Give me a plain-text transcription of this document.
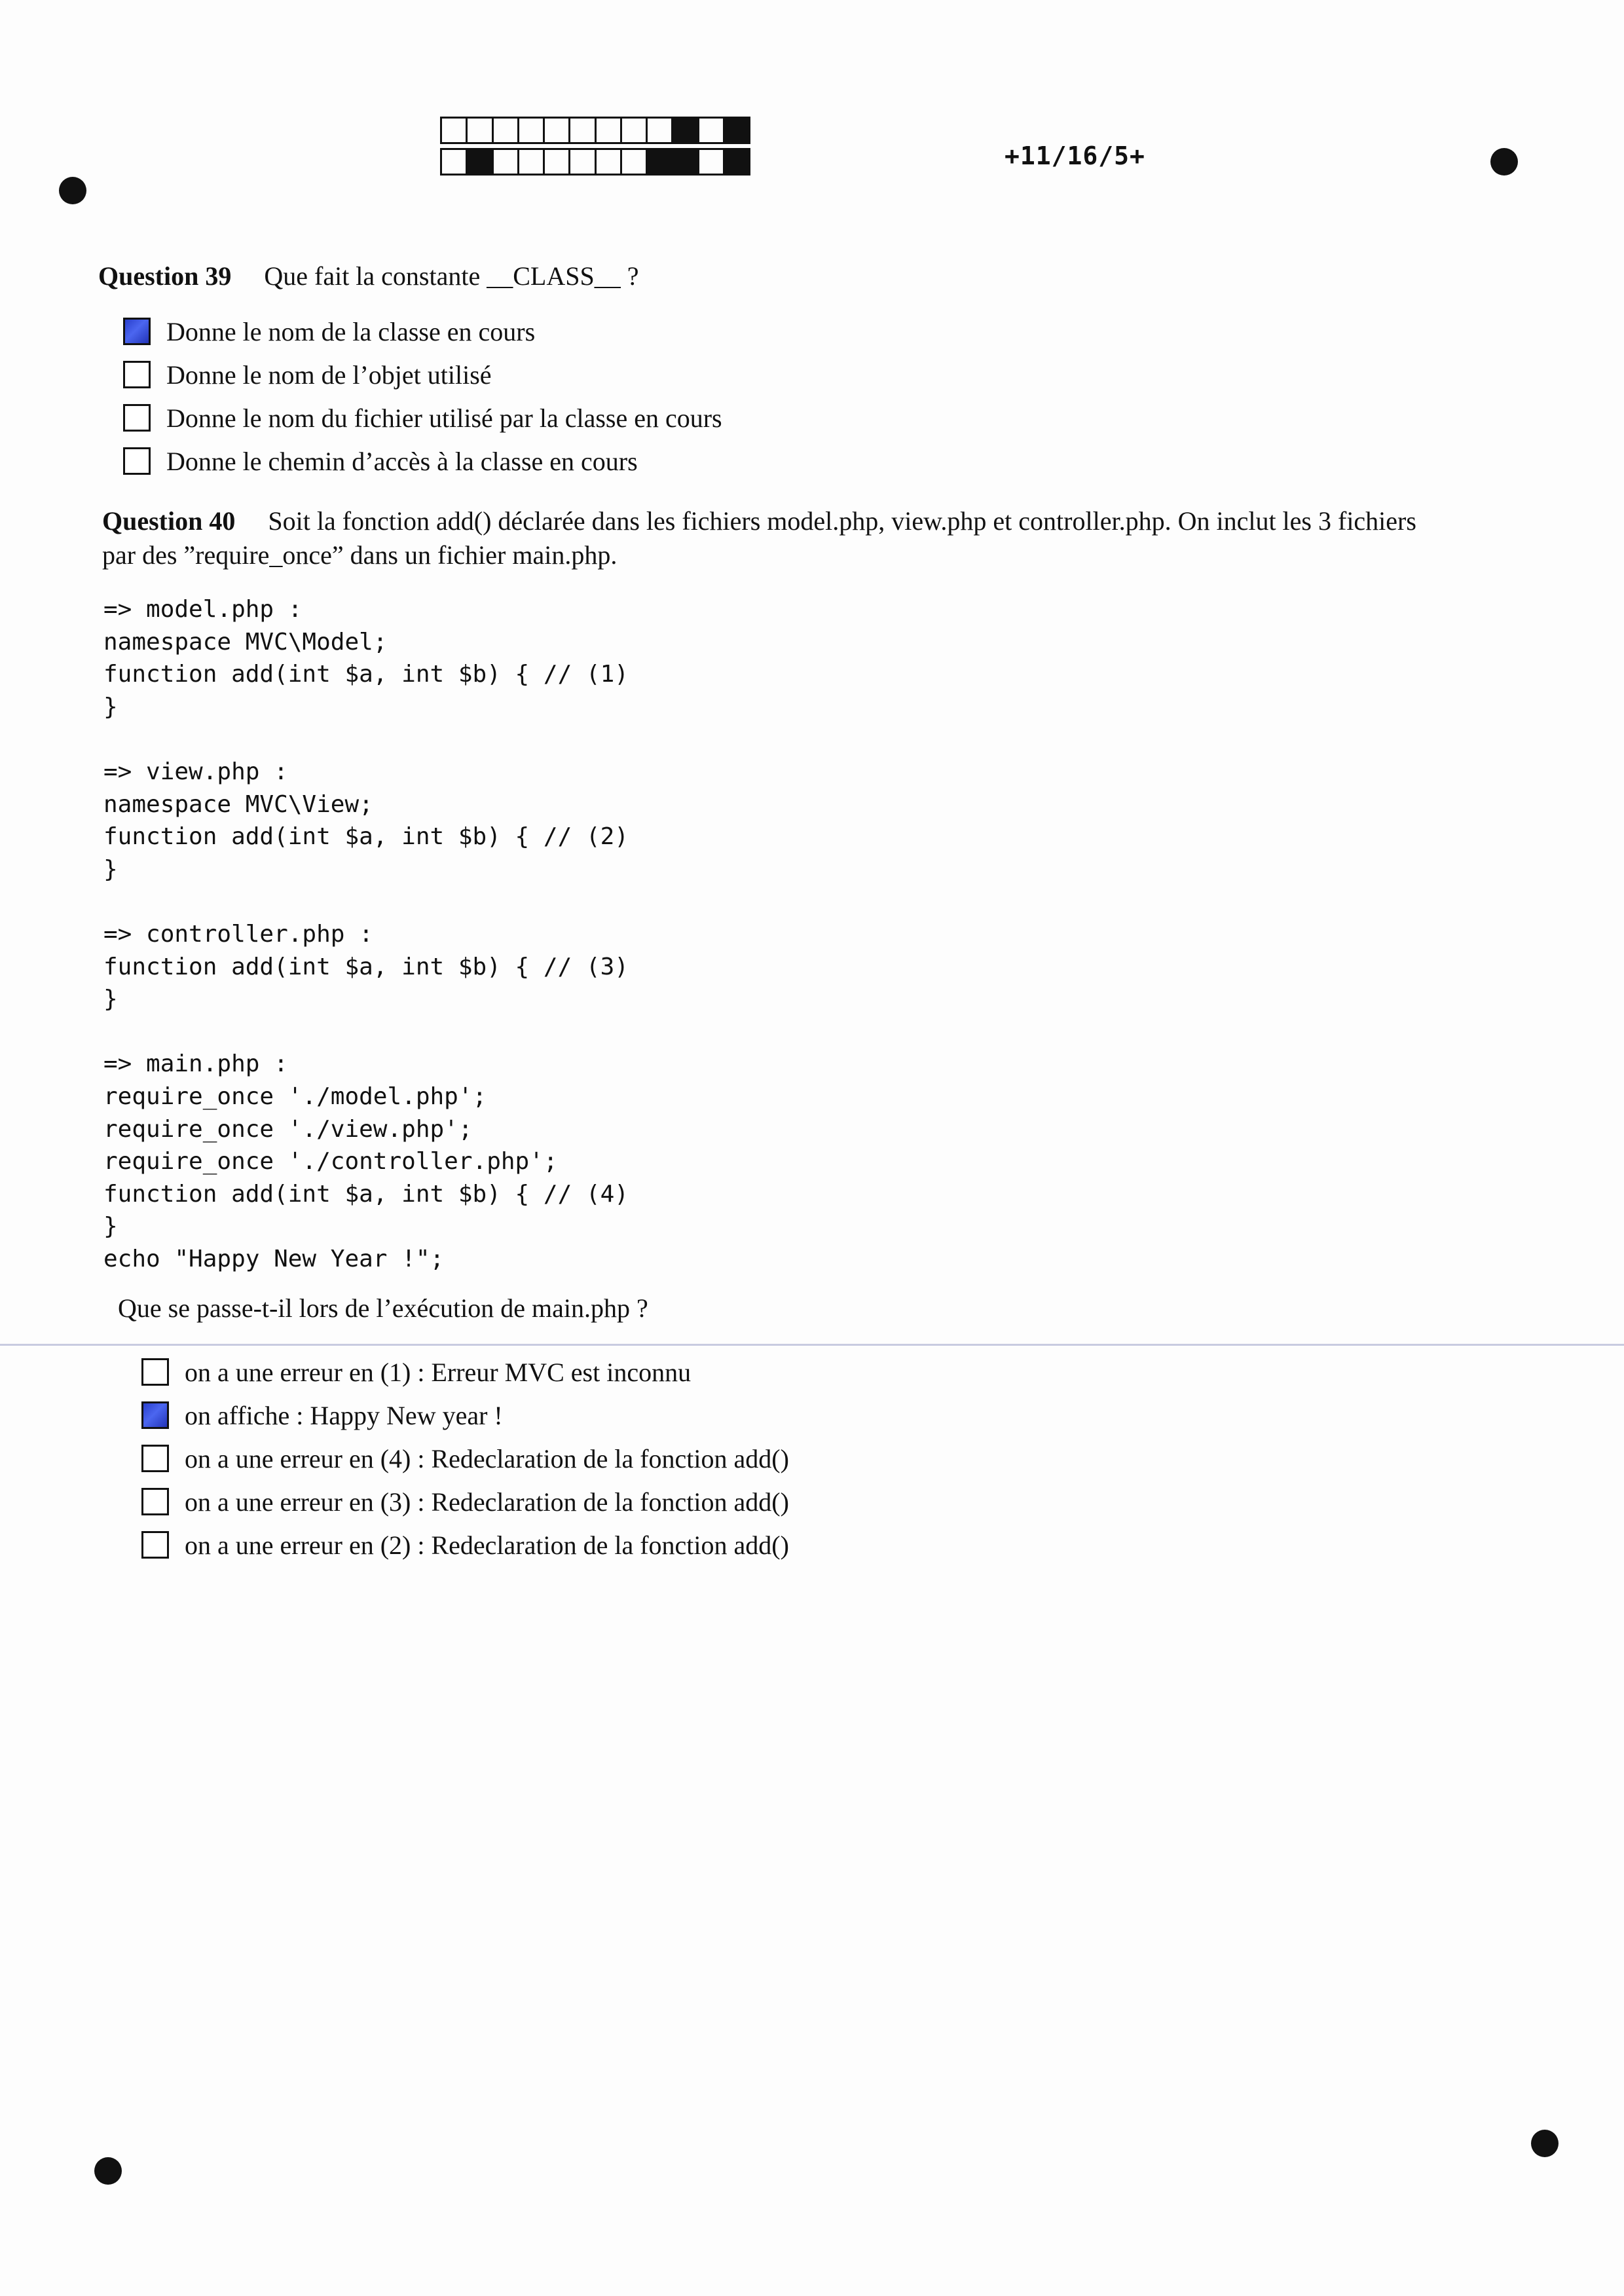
+11/16/5+
Question 39 Que fait la constante __CLASS__ ?
Donne le nom de la classe en cours
Donne le nom de l’objet utilisé
Donne le nom du fichier utilisé par la classe en cours
Donne le chemin d’accès à la classe en cours
Question 40 Soit la fonction add() déclarée dans les fichiers model.php, view.php et controller.php. On inclut les 3 fichiers
par des ”require_once” dans un fichier main.php.
=> model.php :
namespace MVC\Model;
function add(int $a, int $b) { // (1)
}

=> view.php :
namespace MVC\View;
function add(int $a, int $b) { // (2)
}

=> controller.php :
function add(int $a, int $b) { // (3)
}

=> main.php :
require_once './model.php';
require_once './view.php';
require_once './controller.php';
function add(int $a, int $b) { // (4)
}
echo "Happy New Year !";
Que se passe-t-il lors de l’exécution de main.php ?
on a une erreur en (1) : Erreur MVC est inconnu
on affiche : Happy New year !
on a une erreur en (4) : Redeclaration de la fonction add()
on a une erreur en (3) : Redeclaration de la fonction add()
on a une erreur en (2) : Redeclaration de la fonction add()
